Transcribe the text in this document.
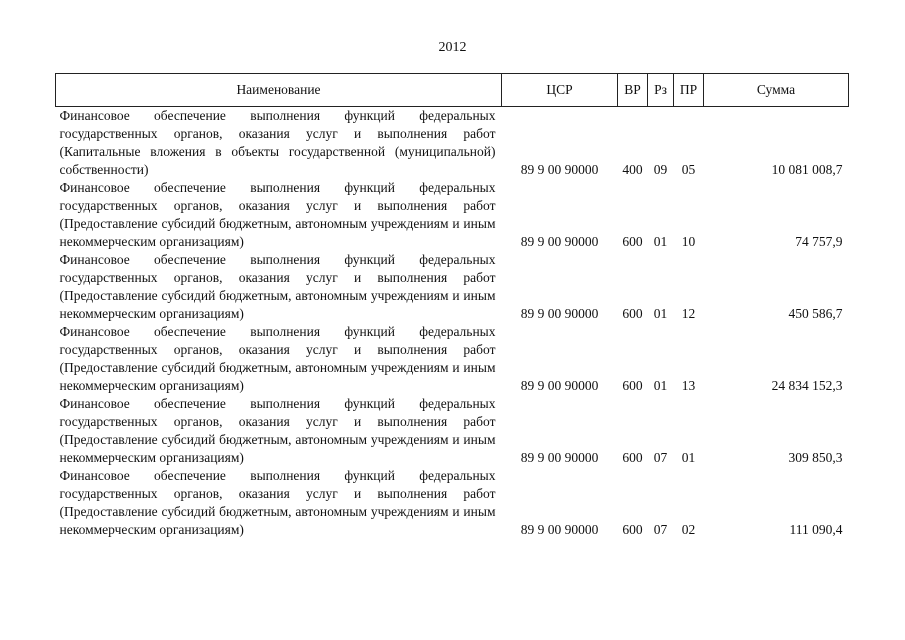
2012
Наименование	ЦСР	ВР	Рз	ПР	Сумма
Финансовое обеспечение выполнения функций федеральных государственных органов, оказания услуг и выполнения работ (Капитальные вложения в объекты государственной (муниципальной) собственности)	89 9 00 90000	400	09	05	10 081 008,7
Финансовое обеспечение выполнения функций федеральных государственных органов, оказания услуг и выполнения работ (Предоставление субсидий бюджетным, автономным учреждениям и иным некоммерческим организациям)	89 9 00 90000	600	01	10	74 757,9
Финансовое обеспечение выполнения функций федеральных государственных органов, оказания услуг и выполнения работ (Предоставление субсидий бюджетным, автономным учреждениям и иным некоммерческим организациям)	89 9 00 90000	600	01	12	450 586,7
Финансовое обеспечение выполнения функций федеральных государственных органов, оказания услуг и выполнения работ (Предоставление субсидий бюджетным, автономным учреждениям и иным некоммерческим организациям)	89 9 00 90000	600	01	13	24 834 152,3
Финансовое обеспечение выполнения функций федеральных государственных органов, оказания услуг и выполнения работ (Предоставление субсидий бюджетным, автономным учреждениям и иным некоммерческим организациям)	89 9 00 90000	600	07	01	309 850,3
Финансовое обеспечение выполнения функций федеральных государственных органов, оказания услуг и выполнения работ (Предоставление субсидий бюджетным, автономным учреждениям и иным некоммерческим организациям)	89 9 00 90000	600	07	02	111 090,4
